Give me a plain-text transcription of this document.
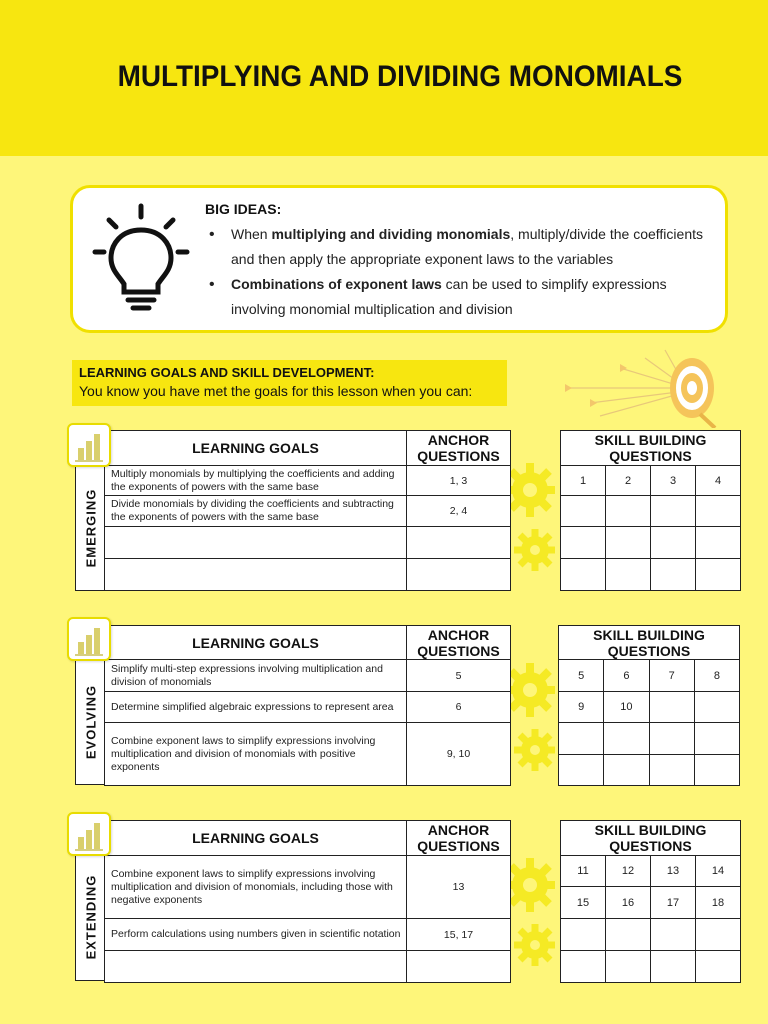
MULTIPLYING AND DIVIDING MONOMIALS
BIG IDEAS:
• When multiplying and dividing monomials, multiply/divide the coefficients and then apply the appropriate exponent laws to the variables
• Combinations of exponent laws can be used to simplify expressions involving monomial multiplication and division
LEARNING GOALS AND SKILL DEVELOPMENT:
You know you have met the goals for this lesson when you can:
EMERGING
LEARNING GOALS	ANCHOR QUESTIONS
Multiply monomials by multiplying the coefficients and adding the exponents of powers with the same base	1, 3
Divide monomials by dividing the coefficients and subtracting the exponents of powers with the same base	2, 4

SKILL BUILDING QUESTIONS			
1	2	3	4

EVOLVING
LEARNING GOALS	ANCHOR QUESTIONS
Simplify multi-step expressions involving multiplication and division of monomials	5
Determine simplified algebraic expressions to represent area	6
Combine exponent laws to simplify expressions involving multiplication and division of monomials with positive exponents	9, 10
SKILL BUILDING QUESTIONS			
5	6	7	8
9	10		

EXTENDING
LEARNING GOALS	ANCHOR QUESTIONS
Combine exponent laws to simplify expressions involving multiplication and division of monomials, including those with negative exponents	13
Perform calculations using numbers given in scientific notation	15, 17

SKILL BUILDING QUESTIONS			
11	12	13	14
15	16	17	18
